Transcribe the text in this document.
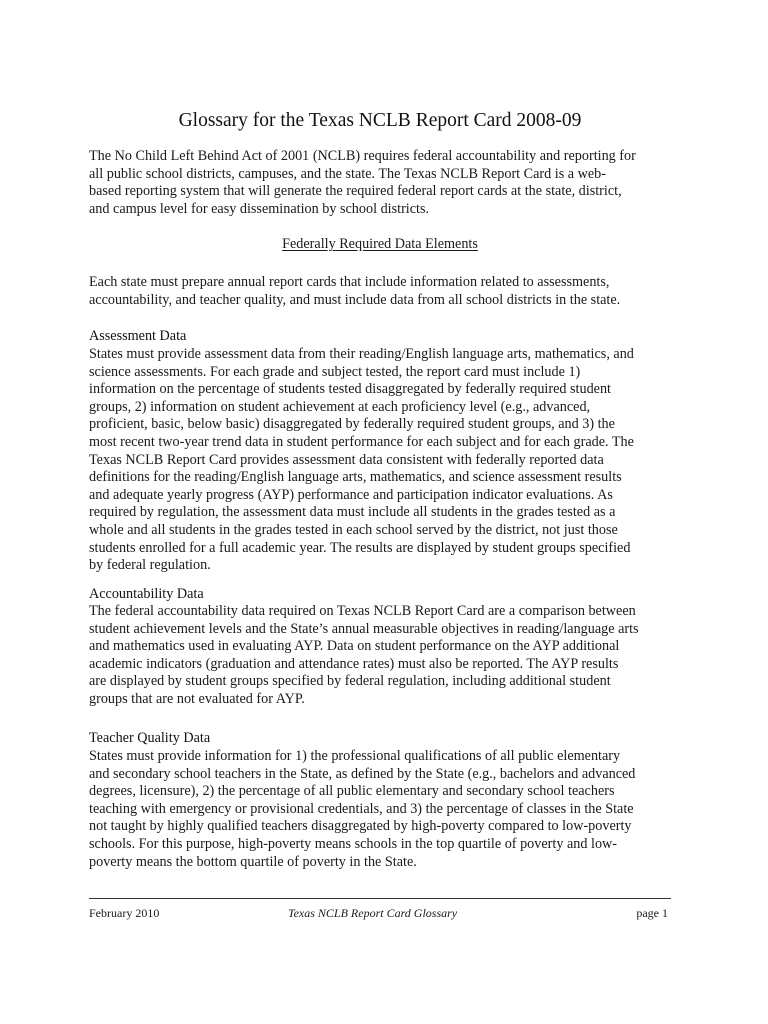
Glossary for the Texas NCLB Report Card 2008-09

The No Child Left Behind Act of 2001 (NCLB) requires federal accountability and reporting for
all public school districts, campuses, and the state. The Texas NCLB Report Card is a web-
based reporting system that will generate the required federal report cards at the state, district,
and campus level for easy dissemination by school districts.

Federally Required Data Elements

Each state must prepare annual report cards that include information related to assessments,
accountability, and teacher quality, and must include data from all school districts in the state.

Assessment Data

States must provide assessment data from their reading/English language arts, mathematics, and
science assessments. For each grade and subject tested, the report card must include 1)
information on the percentage of students tested disaggregated by federally required student
groups, 2) information on student achievement at each proficiency level (e.g., advanced,
proficient, basic, below basic) disaggregated by federally required student groups, and 3) the
most recent two-year trend data in student performance for each subject and for each grade. The
Texas NCLB Report Card provides assessment data consistent with federally reported data
definitions for the reading/English language arts, mathematics, and science assessment results
and adequate yearly progress (AYP) performance and participation indicator evaluations. As
required by regulation, the assessment data must include all students in the grades tested as a
whole and all students in the grades tested in each school served by the district, not just those
students enrolled for a full academic year. The results are displayed by student groups specified
by federal regulation.

Accountability Data

The federal accountability data required on Texas NCLB Report Card are a comparison between
student achievement levels and the State’s annual measurable objectives in reading/language arts
and mathematics used in evaluating AYP. Data on student performance on the AYP additional
academic indicators (graduation and attendance rates) must also be reported. The AYP results
are displayed by student groups specified by federal regulation, including additional student
groups that are not evaluated for AYP.

Teacher Quality Data

States must provide information for 1) the professional qualifications of all public elementary
and secondary school teachers in the State, as defined by the State (e.g., bachelors and advanced
degrees, licensure), 2) the percentage of all public elementary and secondary school teachers
teaching with emergency or provisional credentials, and 3) the percentage of classes in the State
not taught by highly qualified teachers disaggregated by high-poverty compared to low-poverty
schools. For this purpose, high-poverty means schools in the top quartile of poverty and low-
poverty means the bottom quartile of poverty in the State.

February 2010	Texas NCLB Report Card Glossary	page 1
